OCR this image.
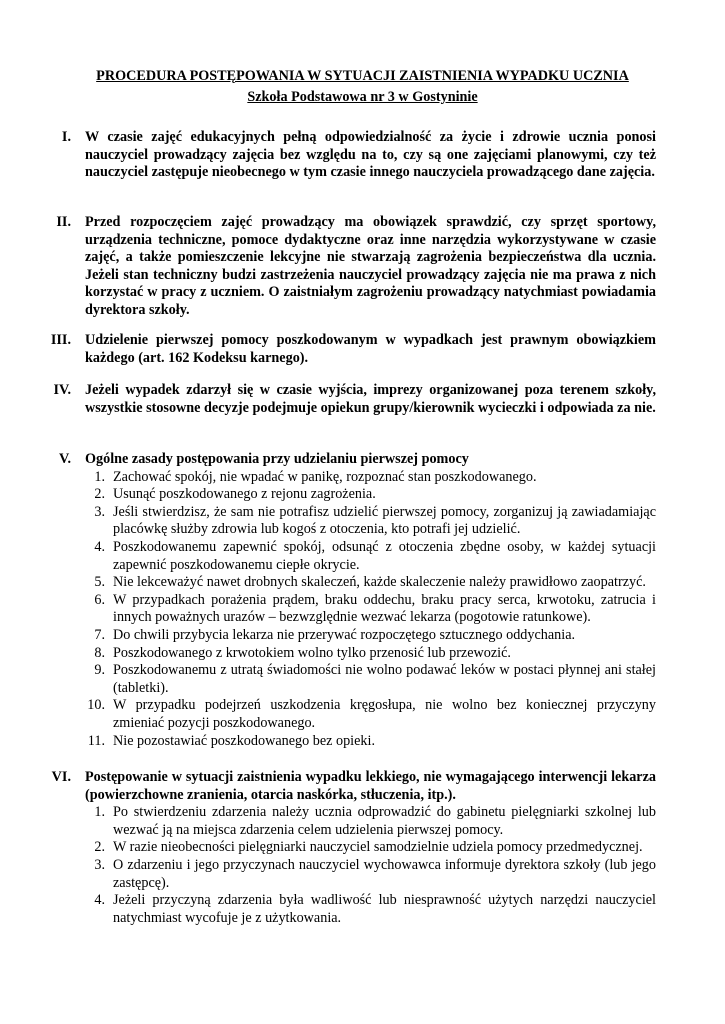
PROCEDURA POSTĘPOWANIA W SYTUACJI ZAISTNIENIA WYPADKU UCZNIA
Szkoła Podstawowa nr 3 w Gostyninie
I. W czasie zajęć edukacyjnych pełną odpowiedzialność za życie i zdrowie ucznia ponosi nauczyciel prowadzący zajęcia bez względu na to, czy są one zajęciami planowymi, czy też nauczyciel zastępuje nieobecnego w tym czasie innego nauczyciela prowadzącego dane zajęcia.
II. Przed rozpoczęciem zajęć prowadzący ma obowiązek sprawdzić, czy sprzęt sportowy, urządzenia techniczne, pomoce dydaktyczne oraz inne narzędzia wykorzystywane w czasie zajęć, a także pomieszczenie lekcyjne nie stwarzają zagrożenia bezpieczeństwa dla ucznia. Jeżeli stan techniczny budzi zastrzeżenia nauczyciel prowadzący zajęcia nie ma prawa z nich korzystać w pracy z uczniem. O zaistniałym zagrożeniu prowadzący natychmiast powiadamia dyrektora szkoły.
III. Udzielenie pierwszej pomocy poszkodowanym w wypadkach jest prawnym obowiązkiem każdego (art. 162 Kodeksu karnego).
IV. Jeżeli wypadek zdarzył się w czasie wyjścia, imprezy organizowanej poza terenem szkoły, wszystkie stosowne decyzje podejmuje opiekun grupy/kierownik wycieczki i odpowiada za nie.
V. Ogólne zasady postępowania przy udzielaniu pierwszej pomocy
1. Zachować spokój, nie wpadać w panikę, rozpoznać stan poszkodowanego.
2. Usunąć poszkodowanego z rejonu zagrożenia.
3. Jeśli stwierdzisz, że sam nie potrafisz udzielić pierwszej pomocy, zorganizuj ją zawiadamiając placówkę służby zdrowia lub kogoś z otoczenia, kto potrafi jej udzielić.
4. Poszkodowanemu zapewnić spokój, odsunąć z otoczenia zbędne osoby, w każdej sytuacji zapewnić poszkodowanemu ciepłe okrycie.
5. Nie lekceważyć nawet drobnych skaleczeń, każde skaleczenie należy prawidłowo zaopatrzyć.
6. W przypadkach porażenia prądem, braku oddechu, braku pracy serca, krwotoku, zatrucia i innych poważnych urazów – bezwzględnie wezwać lekarza (pogotowie ratunkowe).
7. Do chwili przybycia lekarza nie przerywać rozpoczętego sztucznego oddychania.
8. Poszkodowanego z krwotokiem wolno tylko przenosić lub przewozić.
9. Poszkodowanemu z utratą świadomości nie wolno podawać leków w postaci płynnej ani stałej (tabletki).
10. W przypadku podejrzeń uszkodzenia kręgosłupa, nie wolno bez koniecznej przyczyny zmieniać pozycji poszkodowanego.
11. Nie pozostawiać poszkodowanego bez opieki.
VI. Postępowanie w sytuacji zaistnienia wypadku lekkiego, nie wymagającego interwencji lekarza (powierzchowne zranienia, otarcia naskórka, stłuczenia, itp.).
1. Po stwierdzeniu zdarzenia należy ucznia odprowadzić do gabinetu pielęgniarki szkolnej lub wezwać ją na miejsca zdarzenia celem udzielenia pierwszej pomocy.
2. W razie nieobecności pielęgniarki nauczyciel samodzielnie udziela pomocy przedmedycznej.
3. O zdarzeniu i jego przyczynach nauczyciel wychowawca informuje dyrektora szkoły (lub jego zastępcę).
4. Jeżeli przyczyną zdarzenia była wadliwość lub niesprawność użytych narzędzi nauczyciel natychmiast wycofuje je z użytkowania.
